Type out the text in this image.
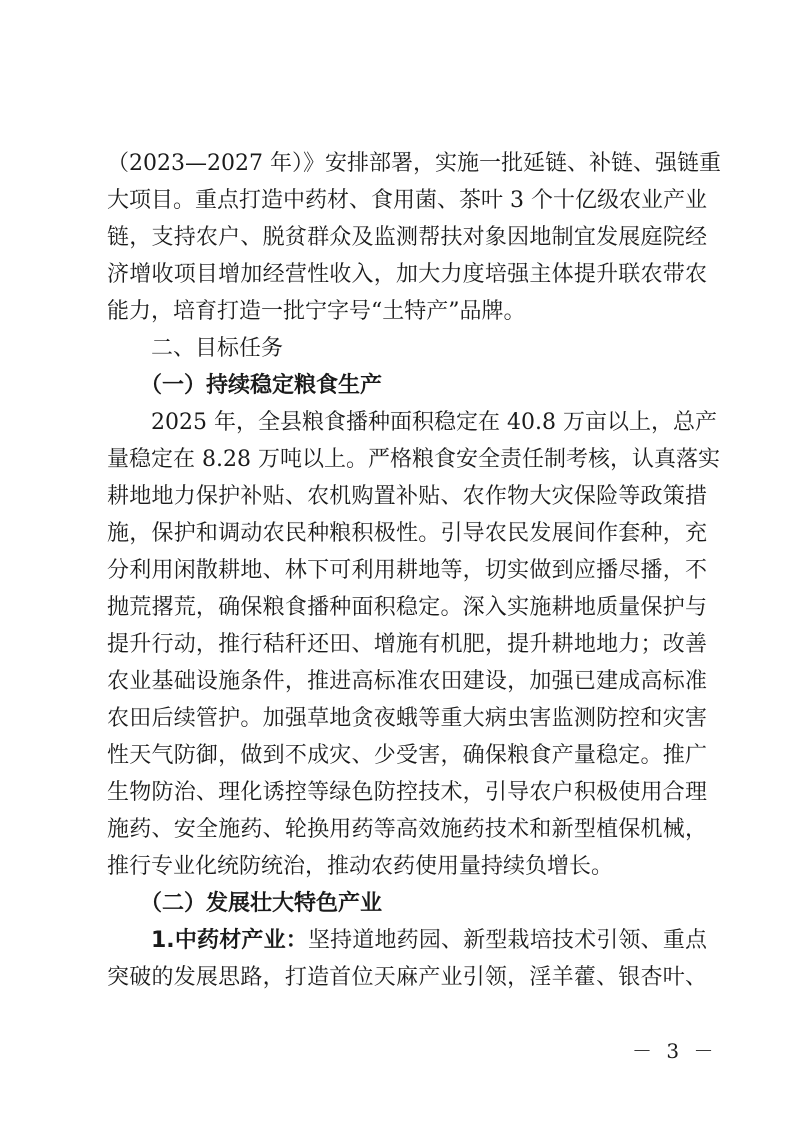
（2023—2027 年）》安排部署，实施一批延链、补链、强链重
大项目。重点打造中药材、食用菌、茶叶 3 个十亿级农业产业
链，支持农户、脱贫群众及监测帮扶对象因地制宜发展庭院经
济增收项目增加经营性收入，加大力度培强主体提升联农带农
能力，培育打造一批宁字号“土特产”品牌。
二、目标任务
（一）持续稳定粮食生产
2025 年，全县粮食播种面积稳定在 40.8 万亩以上，总产
量稳定在 8.28 万吨以上。严格粮食安全责任制考核，认真落实
耕地地力保护补贴、农机购置补贴、农作物大灾保险等政策措
施，保护和调动农民种粮积极性。引导农民发展间作套种，充
分利用闲散耕地、林下可利用耕地等，切实做到应播尽播，不
抛荒撂荒，确保粮食播种面积稳定。深入实施耕地质量保护与
提升行动，推行秸秆还田、增施有机肥，提升耕地地力；改善
农业基础设施条件，推进高标准农田建设，加强已建成高标准
农田后续管护。加强草地贪夜蛾等重大病虫害监测防控和灾害
性天气防御，做到不成灾、少受害，确保粮食产量稳定。推广
生物防治、理化诱控等绿色防控技术，引导农户积极使用合理
施药、安全施药、轮换用药等高效施药技术和新型植保机械，
推行专业化统防统治，推动农药使用量持续负增长。
（二）发展壮大特色产业
1.中药材产业：坚持道地药园、新型栽培技术引领、重点
突破的发展思路，打造首位天麻产业引领，淫羊藿、银杏叶、
－ 3 －
